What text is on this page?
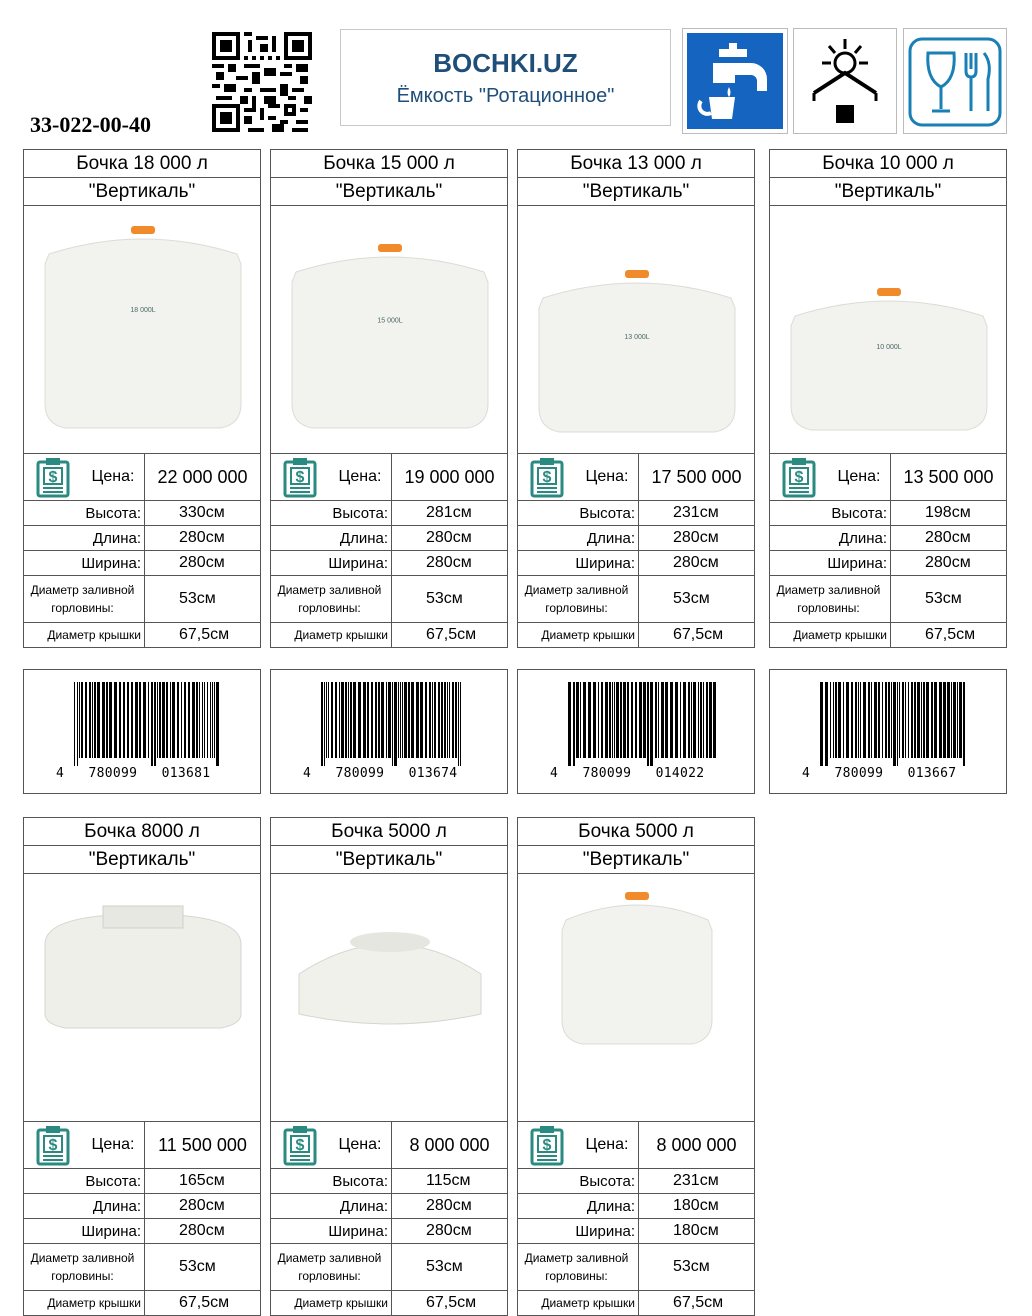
33-022-00-40
BOCHKI.UZ
Ёмкость "Ротационное"
Бочка 18 000 л
"Вертикаль"
18 000L
$	Цена:	22 000 000
Высота:	330см
Длина:	280см
Ширина:	280см
Диаметр заливной горловины:
53см
Диаметр крышки	67,5см
Бочка 15 000 л
"Вертикаль"
15 000L
$	Цена:	19 000 000
Высота:	281см
Длина:	280см
Ширина:	280см
Диаметр заливной горловины:
53см
Диаметр крышки	67,5см
Бочка 13 000 л
"Вертикаль"
13 000L
$	Цена:	17 500 000
Высота:	231см
Длина:	280см
Ширина:	280см
Диаметр заливной горловины:
53см
Диаметр крышки	67,5см
Бочка 10 000 л
"Вертикаль"
10 000L
$	Цена:	13 500 000
Высота:	198см
Длина:	280см
Ширина:	280см
Диаметр заливной горловины:
53см
Диаметр крышки	67,5см
Бочка 8000 л
"Вертикаль"
$	Цена:	11 500 000
Высота:	165см
Длина:	280см
Ширина:	280см
Диаметр заливной горловины:
53см
Диаметр крышки	67,5см
Бочка 5000 л
"Вертикаль"
$	Цена:	8 000 000
Высота:	115см
Длина:	280см
Ширина:	280см
Диаметр заливной горловины:
53см
Диаметр крышки	67,5см
Бочка 5000 л
"Вертикаль"
$	Цена:	8 000 000
Высота:	231см
Длина:	180см
Ширина:	180см
Диаметр заливной горловины:
53см
Диаметр крышки	67,5см
4   780099   013681	4   780099   013674	4   780099   014022	4   780099   013667
